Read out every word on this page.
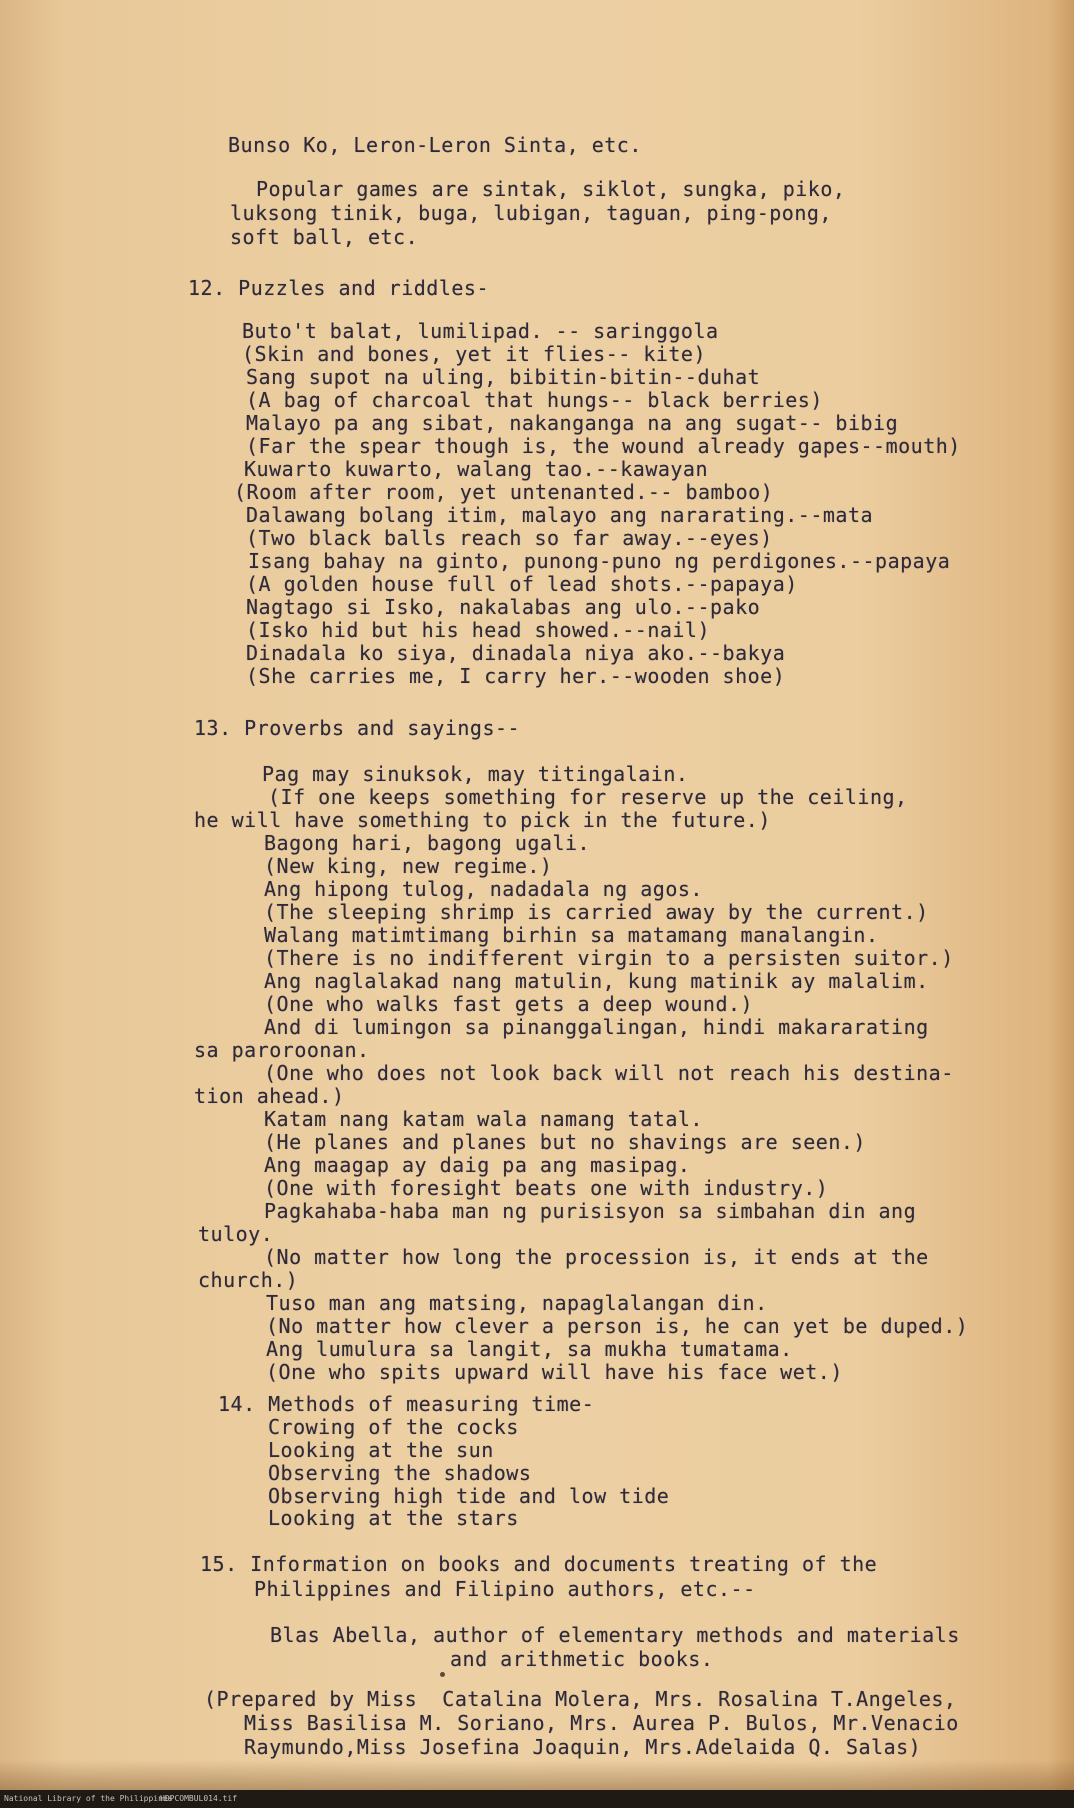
Bunso Ko, Leron-Leron Sinta, etc.

Popular games are sintak, siklot, sungka, piko,

luksong tinik, buga, lubigan, taguan, ping-pong,

soft ball, etc.

12. Puzzles and riddles-

Buto't balat, lumilipad. -- saringgola

(Skin and bones, yet it flies-- kite)

Sang supot na uling, bibitin-bitin--duhat

(A bag of charcoal that hungs-- black berries)

Malayo pa ang sibat, nakanganga na ang sugat-- bibig

(Far the spear though is, the wound already gapes--mouth)

Kuwarto kuwarto, walang tao.--kawayan

(Room after room, yet untenanted.-- bamboo)

Dalawang bolang itim, malayo ang nararating.--mata

(Two black balls reach so far away.--eyes)

Isang bahay na ginto, punong-puno ng perdigones.--papaya

(A golden house full of lead shots.--papaya)

Nagtago si Isko, nakalabas ang ulo.--pako

(Isko hid but his head showed.--nail)

Dinadala ko siya, dinadala niya ako.--bakya

(She carries me, I carry her.--wooden shoe)

13. Proverbs and sayings--

Pag may sinuksok, may titingalain.

(If one keeps something for reserve up the ceiling,

he will have something to pick in the future.)

Bagong hari, bagong ugali.

(New king, new regime.)

Ang hipong tulog, nadadala ng agos.

(The sleeping shrimp is carried away by the current.)

Walang matimtimang birhin sa matamang manalangin.

(There is no indifferent virgin to a persisten suitor.)

Ang naglalakad nang matulin, kung matinik ay malalim.

(One who walks fast gets a deep wound.)

And di lumingon sa pinanggalingan, hindi makararating

sa paroroonan.

(One who does not look back will not reach his destina-

tion ahead.)

Katam nang katam wala namang tatal.

(He planes and planes but no shavings are seen.)

Ang maagap ay daig pa ang masipag.

(One with foresight beats one with industry.)

Pagkahaba-haba man ng purisisyon sa simbahan din ang

tuloy.

(No matter how long the procession is, it ends at the

church.)

Tuso man ang matsing, napaglalangan din.

(No matter how clever a person is, he can yet be duped.)

Ang lumulura sa langit, sa mukha tumatama.

(One who spits upward will have his face wet.)

14. Methods of measuring time-

Crowing of the cocks

Looking at the sun

Observing the shadows

Observing high tide and low tide

Looking at the stars

15. Information on books and documents treating of the

Philippines and Filipino authors, etc.--

Blas Abella, author of elementary methods and materials

and arithmetic books.

(Prepared by Miss  Catalina Molera, Mrs. Rosalina T.Angeles,

Miss Basilisa M. Soriano, Mrs. Aurea P. Bulos, Mr.Venacio

Raymundo,Miss Josefina Joaquin, Mrs.Adelaida Q. Salas)

National Library of the Philippines
HDPCOMBUL014.tif
